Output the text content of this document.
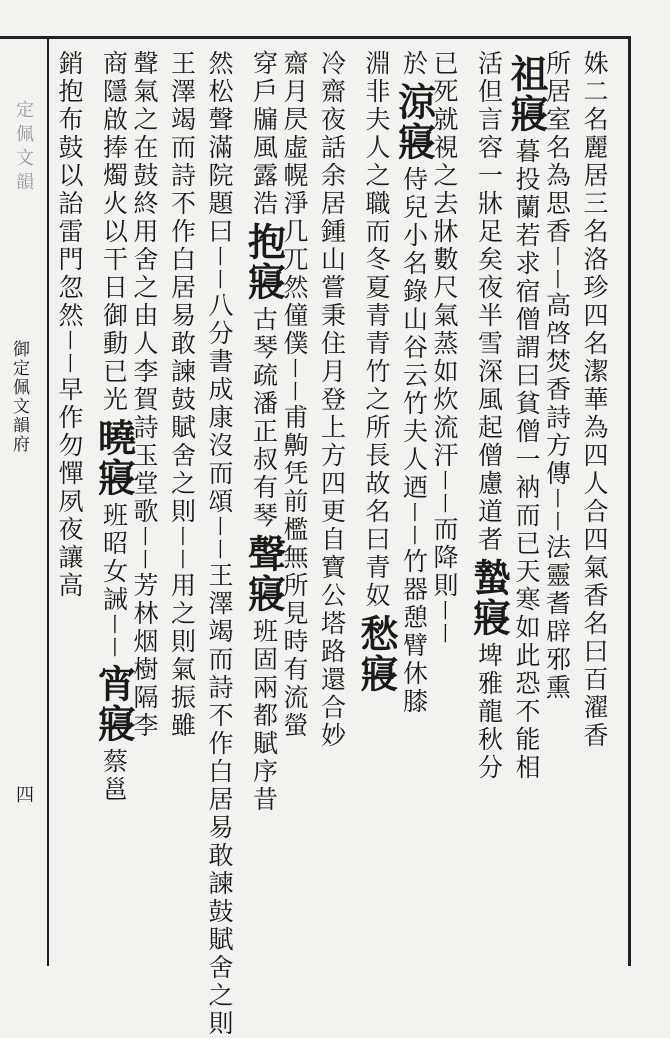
定佩文韻
御定佩文韻府
四
姝二名麗居三名洛珍四名潔華為四人合四氣香名曰百濯香
所居室名為思香丨丨高啓焚香詩方傳丨丨法靈耆辟邪熏
祖寢暮投蘭若求宿僧謂曰貧僧一衲而已天寒如此恐不能相
活但言容一牀足矣夜半雪深風起僧慮道者蟄寢埤雅龍秋分
已死就視之去牀數尺氣蒸如炊流汗丨丨而降則丨丨
於涼寢侍兒小名錄山谷云竹夫人迺丨丨竹器憩臂休膝
淵非夫人之職而冬夏青青竹之所長故名曰青奴愁寢
冷齋夜話余居鍾山嘗秉住月登上方四更自寶公塔路還合妙
齋月昃虛幌淨几兀然僮僕丨丨甫齁凭前檻無所見時有流螢
穿戶牖風露浩抱寢古琴疏潘正叔有琴聲寢班固兩都賦序昔
然松聲滿院題曰丨丨八分書成康沒而頌丨丨王澤竭而詩不作白居易敢諫鼓賦舍之則
王澤竭而詩不作白居易敢諫鼓賦舍之則丨丨用之則氣振雖
聲氣之在鼓終用舍之由人李賀詩玉堂歌丨丨芳林烟樹隔李
商隱啟捧燭火以干日御動已光曉寢班昭女誡丨丨宵寢蔡邕
銷抱布鼓以詒雷門忽然丨丨早作勿憚夙夜讓高
